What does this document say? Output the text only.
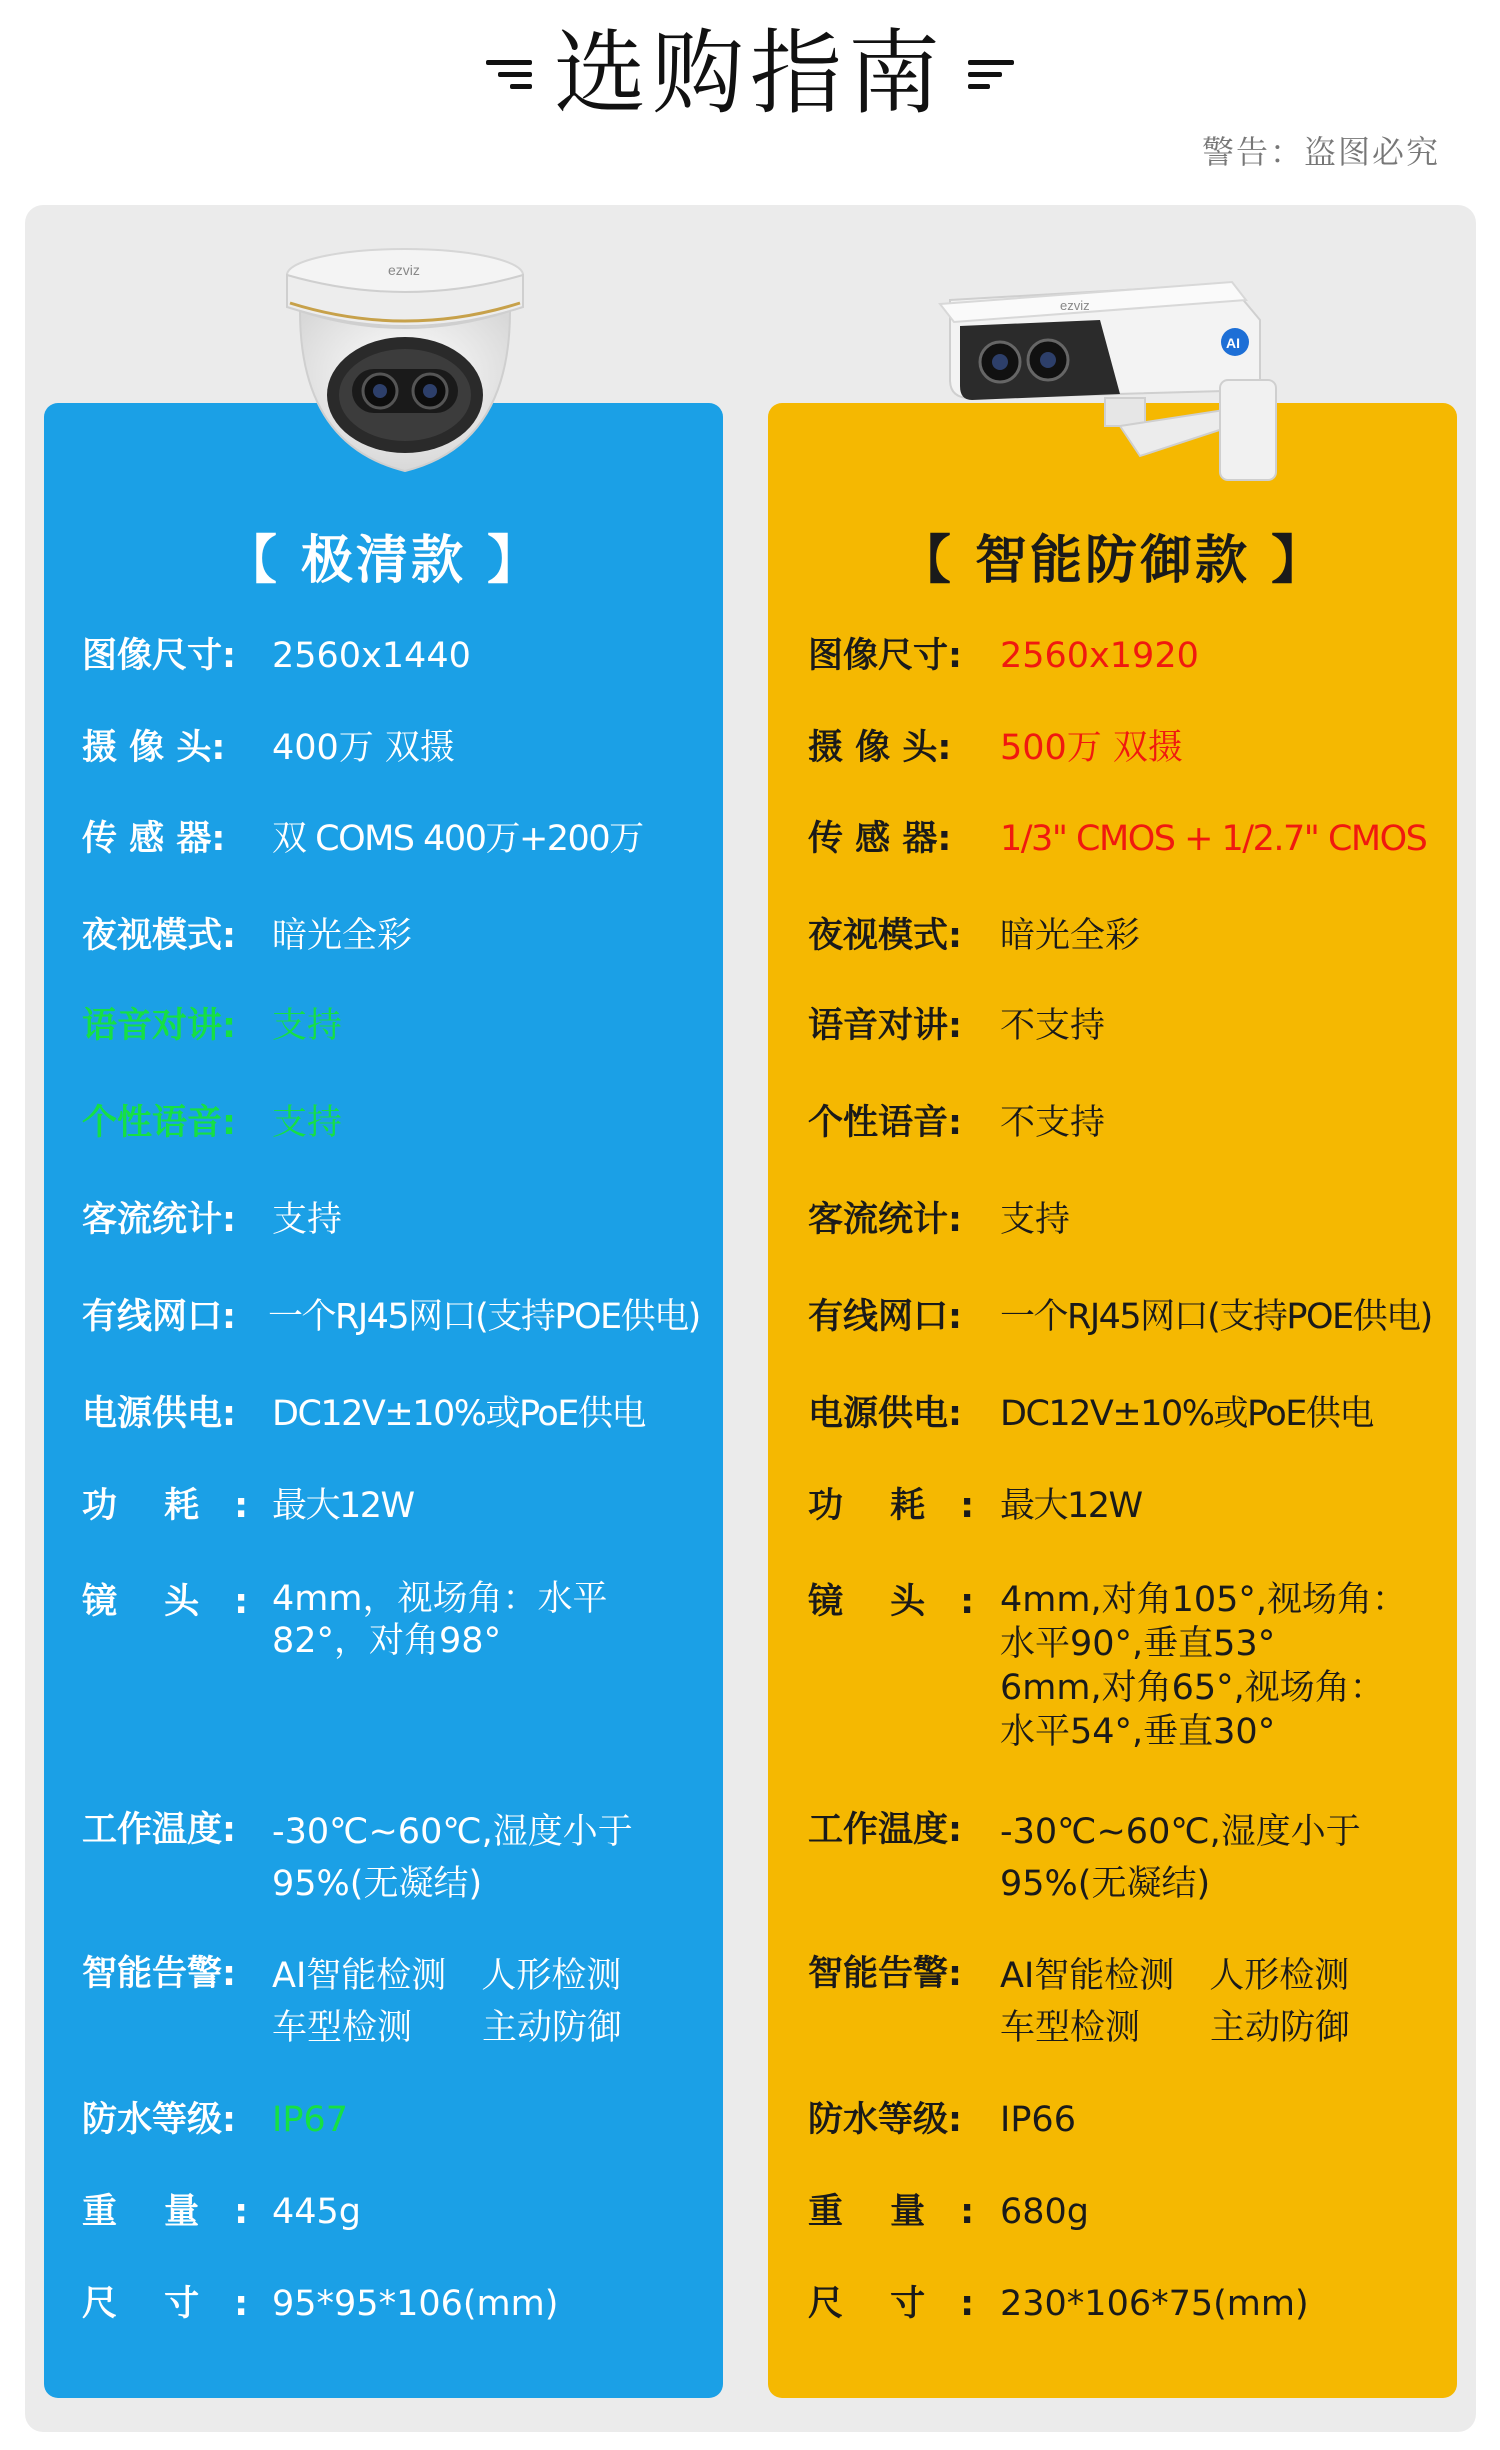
选购指南
警告：盗图必究
ezviz
AI
ezviz
【 极清款 】	【 智能防御款 】
图像尺寸: 2560x1440
摄 像 头: 400万 双摄
传 感 器: 双 COMS 400万+200万
夜视模式: 暗光全彩
语音对讲: 支持
个性语音: 支持
客流统计: 支持
有线网口: 一个RJ45网口(支持POE供电)
电源供电: DC12V±10%或PoE供电
功　 耗　: 最大12W
镜　 头　: 4mm，视场角：水平
82°，对角98°
工作温度: -30℃~60℃,湿度小于
95%(无凝结)
智能告警: AI智能检测　人形检测
车型检测　　主动防御
防水等级: IP67
重　 量　: 445g
尺　 寸　: 95*95*106(mm)
图像尺寸: 2560x1920
摄 像 头: 500万 双摄
传 感 器: 1/3" CMOS + 1/2.7" CMOS
夜视模式: 暗光全彩
语音对讲: 不支持
个性语音: 不支持
客流统计: 支持
有线网口: 一个RJ45网口(支持POE供电)
电源供电: DC12V±10%或PoE供电
功　 耗　: 最大12W
镜　 头　: 4mm,对角105°,视场角：
水平90°,垂直53°
6mm,对角65°,视场角：
水平54°,垂直30°
工作温度: -30℃~60℃,湿度小于
95%(无凝结)
智能告警: AI智能检测　人形检测
车型检测　　主动防御
防水等级: IP66
重　 量　: 680g
尺　 寸　: 230*106*75(mm)
